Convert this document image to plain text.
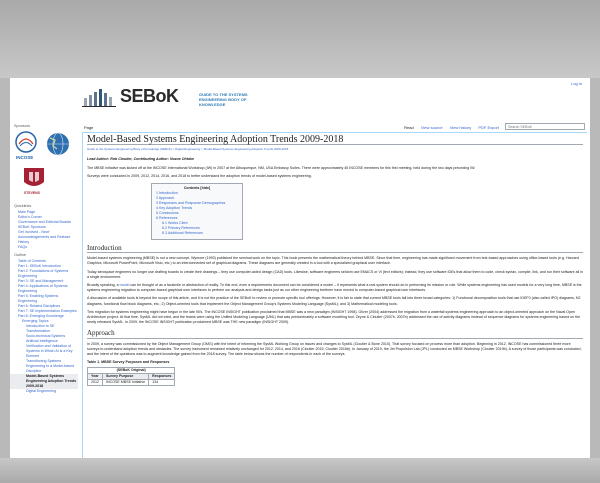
Log in
SEBoK	GUIDE TO THE SYSTEMS ENGINEERING BODY OF KNOWLEDGE
Sponsors
INCOSE
STEVENS
Quicklinks
Main Page
Editor's Corner
Governance and Editorial Boards
SEBoK Sponsors
Get Involved - New!
Acknowledgements and Release History
FAQs
Outline
Table of Contents
Part 1: SEBoK Introduction
Part 2: Foundations of Systems Engineering
Part 3: SE and Management
Part 4: Applications of Systems Engineering
Part 5: Enabling Systems Engineering
Part 6: Related Disciplines
Part 7: SE Implementation Examples
Part 8: Emerging Knowledge
Emerging Topics
Introduction to SE Transformation
Socio-technical Systems
Artificial Intelligence
Verification and Validation of Systems in Which AI is a Key Element
Transitioning Systems Engineering to a Model-based Discipline
Model-Based Systems Engineering Adoption Trends 2009-2018
Digital Engineering
Page	Read View source View history PDF Export	Search SEBoK
Model-Based Systems Engineering Adoption Trends 2009-2018
Guide to the Systems Engineering Body of Knowledge (SEBoK) > Digital Engineering > Model-Based Systems Engineering Adoption Trends 2009-2018

Lead Author: Rob Cloutier, Contributing Author: Nozue Ohtake

The MBSE initiative was kicked off at the INCOSE International Workshop (IW) in 2007 at the Albuquerque, NM, USA Embassy Suites. There were approximately 45 INCOSE members for this first meeting, held during the two days preceding IW.

Surveys were conducted in 2009, 2012, 2014, 2016, and 2018 to better understand the adoption trends of model-based systems engineering.

Contents [hide]
1 Introduction
2 Approach
3 Responses and Response Demographics
4 Key Adoption Trends
5 Conclusions
6 References
6.1 Works Cited
6.2 Primary References
6.3 Additional References
Introduction

Model-based systems engineering (MBSE) is not a new concept. Wymore (1993) published the seminal work on the topic. This book presents the mathematical theory behind MBSE. Since that time, engineering has made significant movement from text-based approaches using office-based tools (e.g. Harvard Graphics, Microsoft PowerPoint, Microsoft Visio, etc.) to an interconnected set of graphical diagrams. These diagrams are generally created in a tool with a specialized graphical user interface.

Today aerospace engineers no longer use drafting boards to create their drawings – they use computer-aided design (CAD) tools. Likewise, software engineers seldom use EMACS or VI (text editors); instead, they use software IDEs that allow them to code, check syntax, compile, link, and run their software all in a single environment.

Broadly speaking, a model can be thought of as a facsimile or abstraction of reality. To this end, even a requirements document can be considered a model – it represents what a real system should do in performing its mission or role. While systems engineering has used models for a very long time, MBSE is the systems engineering migration to computer-based graphical user interfaces to perform our analysis and design tasks just as our other engineering brethren have moved to computer-based graphical user interfaces.

A discussion of available tools is beyond the scope of this article, and it is not the practice of the SEBoK to review or promote specific tool offerings. However, it is fair to state that current MBSE tools fall into three broad categories: 1) Functional decomposition tools that use IDEF0 (also called IPO) diagrams, N2 diagrams, functional flow block diagrams, etc.; 2) Object-oriented tools that implement the Object Management Group's Systems Modeling Language (SysML); and 3) Mathematical modeling tools.

This migration for systems engineering might have begun in the late 90's. The INCOSE INSIGHT publication proclaimed that MBSE was a new paradigm (INSIGHT 1998). Oliver (2004) addressed the migration from a waterfall systems engineering approach to an object-oriented approach on the Naval Open Architecture project. At that time, SysML did not exist, and the teams were using the Unified Modeling Language (UML) that was predominately a software modeling tool. Zeyne & Cloutier (2007b, 2007b) addressed the use of activity diagrams instead of sequence diagrams for systems engineering based on the newly released SysML. In 2009, the INCOSE INSIGHT publication proclaimed MBSE was THE new paradigm (INSIGHT 2009).

Approach

In 2009, a survey was commissioned by the Object Management Group (OMG) with the intent of informing the SysML Working Group on issues and changes to SysML (Cloutier & Bone 2010). That survey focused on process more than adoption. Beginning in 2012, INCOSE has commissioned three more surveys to understand adoption trends and obstacles. The survey instrument remained relatively unchanged for 2012, 2014, and 2016 (Cloutier 2015, Cloutier 2016b). In January of 2019, the Jet Propulsion Lab (JPL) conducted an MBSE Workshop (Cloutier 2019b). A survey of those participants was conducted, and the intent of the questions was to augment knowledge gained from the 2018 survey. The table below shows the number of respondents in each of the surveys.

Table 1. MBSE Survey Purposes and Responses
(SEBoK Original)		
Year	Survey Purpose	Responses
2012	INCOSE MBSE Initiative	134
